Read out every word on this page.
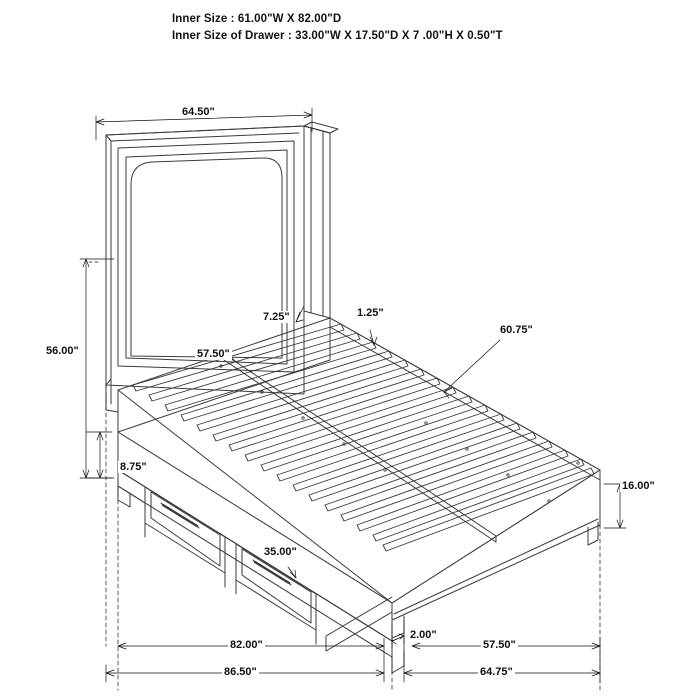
Inner Size : 61.00"W X 82.00"D
Inner Size of Drawer : 33.00"W X 17.50"D X 7 .00"H X 0.50"T
64.50"
56.00"
7.25"	1.25"
57.50"
60.75"
8.75"
16.00"
35.00"
2.00"
82.00"	57.50"
86.50"	64.75"
